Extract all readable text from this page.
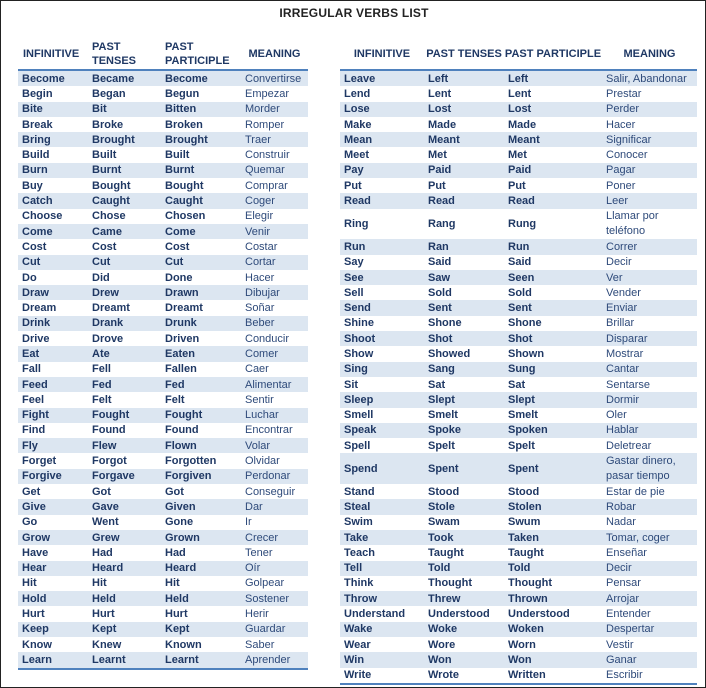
IRREGULAR VERBS LIST
INFINITIVE	PAST TENSES	PAST PARTICIPLE	MEANING
Become	Became	Become	Convertirse
Begin	Began	Begun	Empezar
Bite	Bit	Bitten	Morder
Break	Broke	Broken	Romper
Bring	Brought	Brought	Traer
Build	Built	Built	Construir
Burn	Burnt	Burnt	Quemar
Buy	Bought	Bought	Comprar
Catch	Caught	Caught	Coger
Choose	Chose	Chosen	Elegir
Come	Came	Come	Venir
Cost	Cost	Cost	Costar
Cut	Cut	Cut	Cortar
Do	Did	Done	Hacer
Draw	Drew	Drawn	Dibujar
Dream	Dreamt	Dreamt	Soñar
Drink	Drank	Drunk	Beber
Drive	Drove	Driven	Conducir
Eat	Ate	Eaten	Comer
Fall	Fell	Fallen	Caer
Feed	Fed	Fed	Alimentar
Feel	Felt	Felt	Sentir
Fight	Fought	Fought	Luchar
Find	Found	Found	Encontrar
Fly	Flew	Flown	Volar
Forget	Forgot	Forgotten	Olvidar
Forgive	Forgave	Forgiven	Perdonar
Get	Got	Got	Conseguir
Give	Gave	Given	Dar
Go	Went	Gone	Ir
Grow	Grew	Grown	Crecer
Have	Had	Had	Tener
Hear	Heard	Heard	Oír
Hit	Hit	Hit	Golpear
Hold	Held	Held	Sostener
Hurt	Hurt	Hurt	Herir
Keep	Kept	Kept	Guardar
Know	Knew	Known	Saber
Learn	Learnt	Learnt	Aprender
INFINITIVE	PAST TENSES	PAST PARTICIPLE	MEANING
Leave	Left	Left	Salir, Abandonar
Lend	Lent	Lent	Prestar
Lose	Lost	Lost	Perder
Make	Made	Made	Hacer
Mean	Meant	Meant	Significar
Meet	Met	Met	Conocer
Pay	Paid	Paid	Pagar
Put	Put	Put	Poner
Read	Read	Read	Leer
Ring	Rang	Rung	Llamar por teléfono
Run	Ran	Run	Correr
Say	Said	Said	Decir
See	Saw	Seen	Ver
Sell	Sold	Sold	Vender
Send	Sent	Sent	Enviar
Shine	Shone	Shone	Brillar
Shoot	Shot	Shot	Disparar
Show	Showed	Shown	Mostrar
Sing	Sang	Sung	Cantar
Sit	Sat	Sat	Sentarse
Sleep	Slept	Slept	Dormir
Smell	Smelt	Smelt	Oler
Speak	Spoke	Spoken	Hablar
Spell	Spelt	Spelt	Deletrear
Spend	Spent	Spent	Gastar dinero, pasar tiempo
Stand	Stood	Stood	Estar de pie
Steal	Stole	Stolen	Robar
Swim	Swam	Swum	Nadar
Take	Took	Taken	Tomar, coger
Teach	Taught	Taught	Enseñar
Tell	Told	Told	Decir
Think	Thought	Thought	Pensar
Throw	Threw	Thrown	Arrojar
Understand	Understood	Understood	Entender
Wake	Woke	Woken	Despertar
Wear	Wore	Worn	Vestir
Win	Won	Won	Ganar
Write	Wrote	Written	Escribir
